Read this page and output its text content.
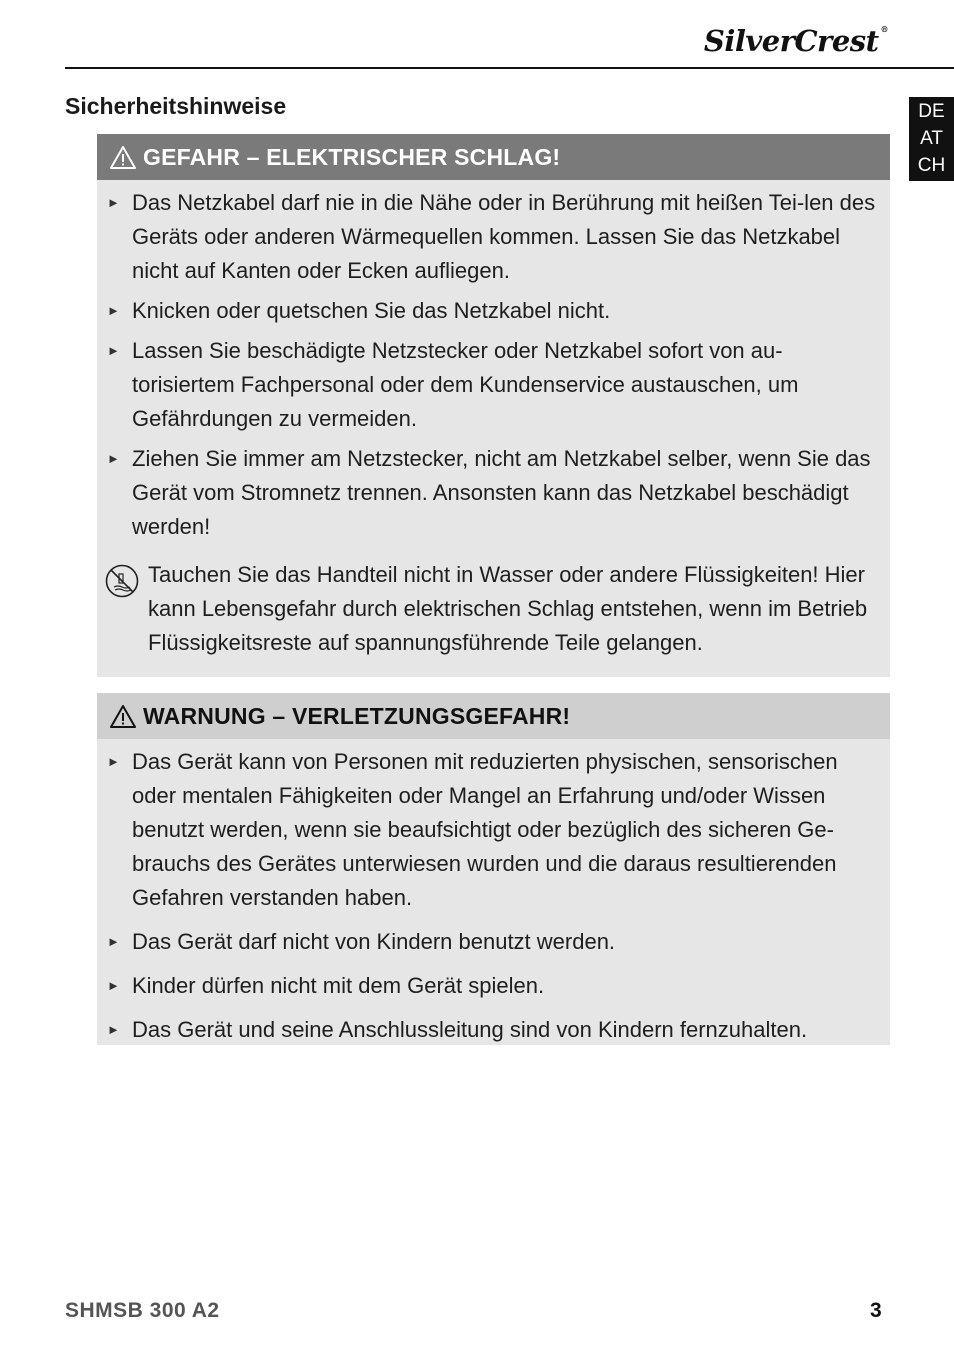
SilverCrest ®
DE
AT
CH
Sicherheitshinweise
GEFAHR – ELEKTRISCHER SCHLAG!
► Das Netzkabel darf nie in die Nähe oder in Berührung mit heißen Tei-len des Geräts oder anderen Wärmequellen kommen. Lassen Sie das Netzkabel nicht auf Kanten oder Ecken aufliegen.
► Knicken oder quetschen Sie das Netzkabel nicht.
► Lassen Sie beschädigte Netzstecker oder Netzkabel sofort von au-torisiertem Fachpersonal oder dem Kundenservice austauschen, um Gefährdungen zu vermeiden.
► Ziehen Sie immer am Netzstecker, nicht am Netzkabel selber, wenn Sie das Gerät vom Stromnetz trennen. Ansonsten kann das Netzkabel beschädigt werden!
Tauchen Sie das Handteil nicht in Wasser oder andere Flüssigkeiten! Hier kann Lebensgefahr durch elektrischen Schlag entstehen, wenn im Betrieb Flüssigkeitsreste auf spannungsführende Teile gelangen.
WARNUNG – VERLETZUNGSGEFAHR!
► Das Gerät kann von Personen mit reduzierten physischen, sensorischen oder mentalen Fähigkeiten oder Mangel an Erfahrung und/oder Wissen benutzt werden, wenn sie beaufsichtigt oder bezüglich des sicheren Ge-brauchs des Gerätes unterwiesen wurden und die daraus resultierenden Gefahren verstanden haben.
► Das Gerät darf nicht von Kindern benutzt werden.
► Kinder dürfen nicht mit dem Gerät spielen.
► Das Gerät und seine Anschlussleitung sind von Kindern fernzuhalten.
SHMSB 300 A2	3
